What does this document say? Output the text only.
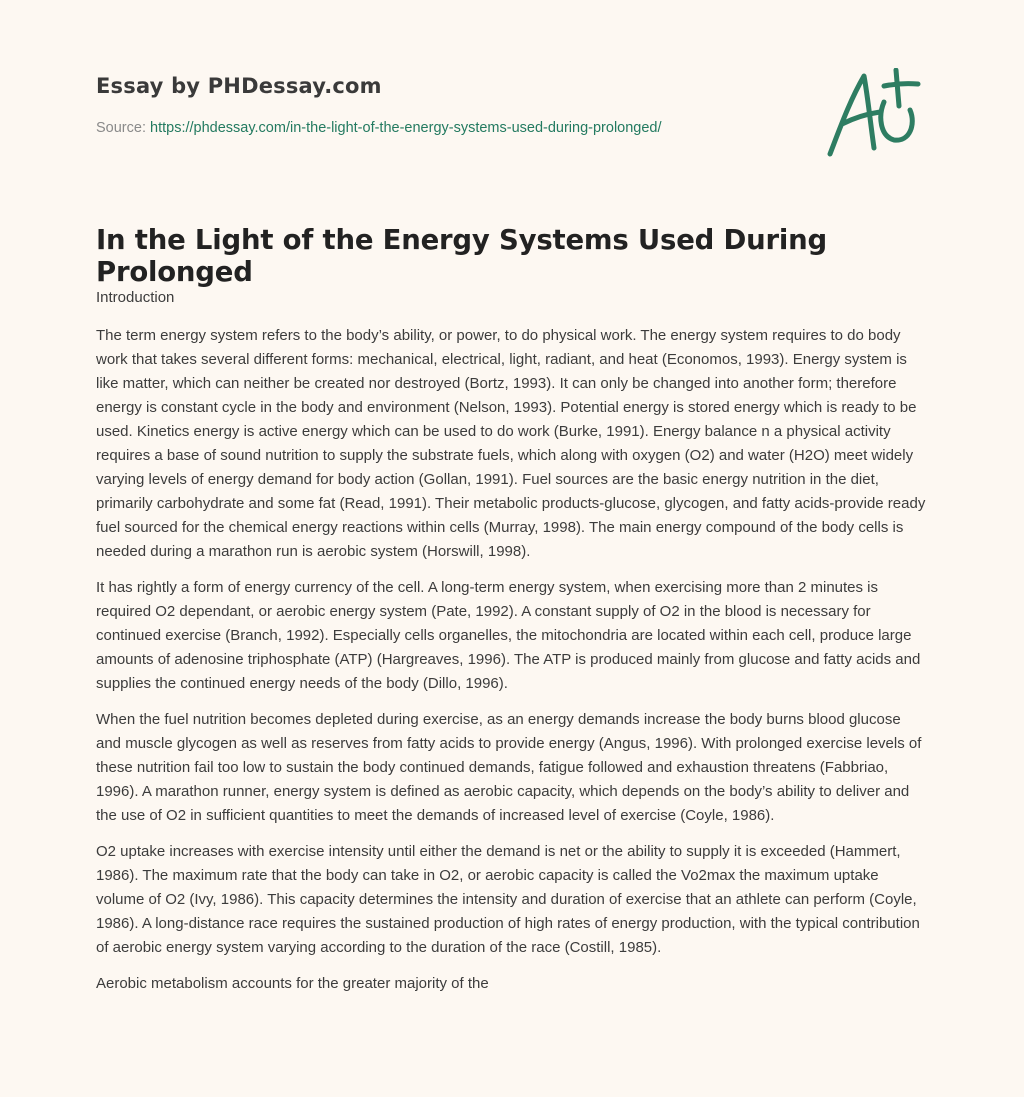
Essay by PHDessay.com
Source: https://phdessay.com/in-the-light-of-the-energy-systems-used-during-prolonged/
In the Light of the Energy Systems Used During Prolonged

Introduction

The term energy system refers to the body’s ability, or power, to do physical work. The energy system requires to do body work that takes several different forms: mechanical, electrical, light, radiant, and heat (Economos, 1993). Energy system is like matter, which can neither be created nor destroyed (Bortz, 1993). It can only be changed into another form; therefore energy is constant cycle in the body and environment (Nelson, 1993). Potential energy is stored energy which is ready to be used. Kinetics energy is active energy which can be used to do work (Burke, 1991). Energy balance n a physical activity requires a base of sound nutrition to supply the substrate fuels, which along with oxygen (O2) and water (H2O) meet widely varying levels of energy demand for body action (Gollan, 1991). Fuel sources are the basic energy nutrition in the diet, primarily carbohydrate and some fat (Read, 1991). Their metabolic products-glucose, glycogen, and fatty acids-provide ready fuel sourced for the chemical energy reactions within cells (Murray, 1998). The main energy compound of the body cells is needed during a marathon run is aerobic system (Horswill, 1998).

It has rightly a form of energy currency of the cell. A long-term energy system, when exercising more than 2 minutes is required O2 dependant, or aerobic energy system (Pate, 1992). A constant supply of O2 in the blood is necessary for continued exercise (Branch, 1992). Especially cells organelles, the mitochondria are located within each cell, produce large amounts of adenosine triphosphate (ATP) (Hargreaves, 1996). The ATP is produced mainly from glucose and fatty acids and supplies the continued energy needs of the body (Dillo, 1996).

When the fuel nutrition becomes depleted during exercise, as an energy demands increase the body burns blood glucose and muscle glycogen as well as reserves from fatty acids to provide energy (Angus, 1996). With prolonged exercise levels of these nutrition fail too low to sustain the body continued demands, fatigue followed and exhaustion threatens (Fabbriao, 1996). A marathon runner, energy system is defined as aerobic capacity, which depends on the body’s ability to deliver and the use of O2 in sufficient quantities to meet the demands of increased level of exercise (Coyle, 1986).

O2 uptake increases with exercise intensity until either the demand is net or the ability to supply it is exceeded (Hammert, 1986). The maximum rate that the body can take in O2, or aerobic capacity is called the Vo2max the maximum uptake volume of O2 (Ivy, 1986). This capacity determines the intensity and duration of exercise that an athlete can perform (Coyle, 1986). A long-distance race requires the sustained production of high rates of energy production, with the typical contribution of aerobic energy system varying according to the duration of the race (Costill, 1985).

Aerobic metabolism accounts for the greater majority of the
